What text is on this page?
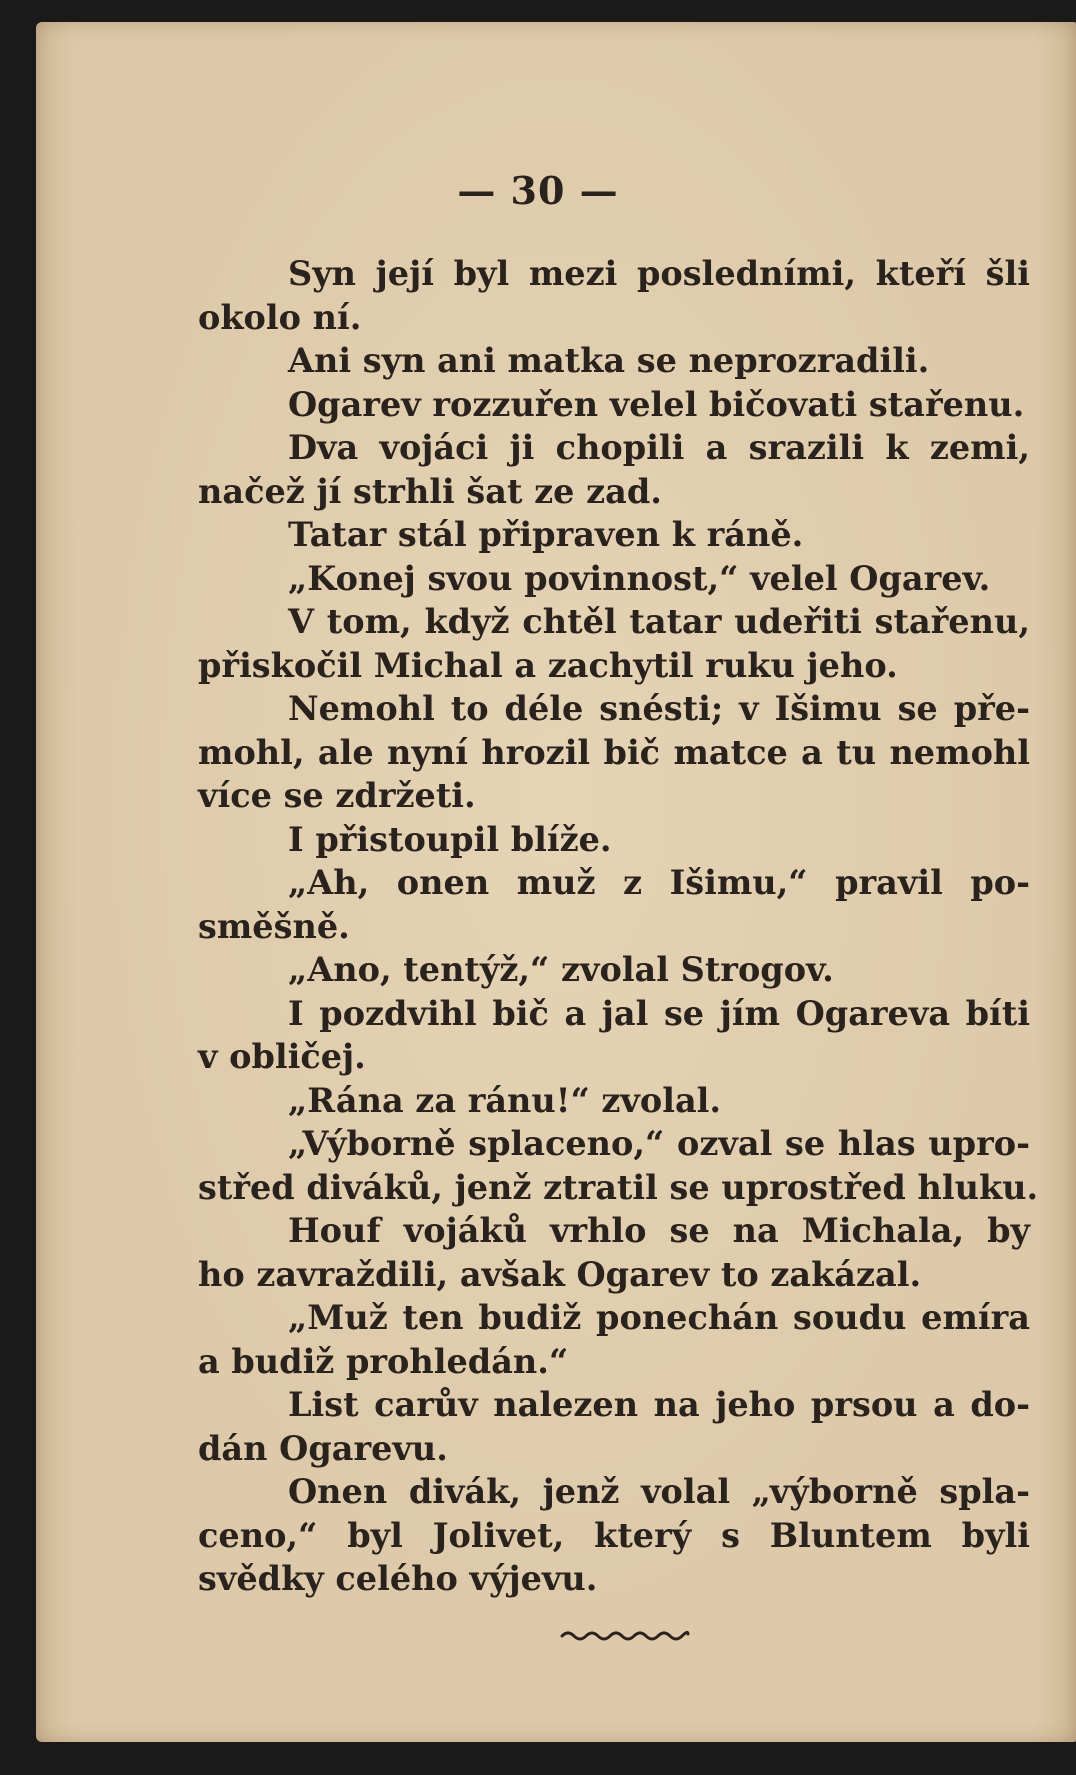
— 30 —
Syn její byl mezi posledními, kteří šli
okolo ní.
Ani syn ani matka se neprozradili.
Ogarev rozzuřen velel bičovati stařenu.
Dva vojáci ji chopili a srazili k zemi,
načež jí strhli šat ze zad.
Tatar stál připraven k ráně.
„Konej svou povinnost,“ velel Ogarev.
V tom, když chtěl tatar udeřiti stařenu,
přiskočil Michal a zachytil ruku jeho.
Nemohl to déle snésti; v Išimu se pře-
mohl, ale nyní hrozil bič matce a tu nemohl
více se zdržeti.
I přistoupil blíže.
„Ah, onen muž z Išimu,“ pravil po-
směšně.
„Ano, tentýž,“ zvolal Strogov.
I pozdvihl bič a jal se jím Ogareva bíti
v obličej.
„Rána za ránu!“ zvolal.
„Výborně splaceno,“ ozval se hlas upro-
střed diváků, jenž ztratil se uprostřed hluku.
Houf vojáků vrhlo se na Michala, by
ho zavraždili, avšak Ogarev to zakázal.
„Muž ten budiž ponechán soudu emíra
a budiž prohledán.“
List carův nalezen na jeho prsou a do-
dán Ogarevu.
Onen divák, jenž volal „výborně spla-
ceno,“ byl Jolivet, který s Bluntem byli
svědky celého výjevu.
